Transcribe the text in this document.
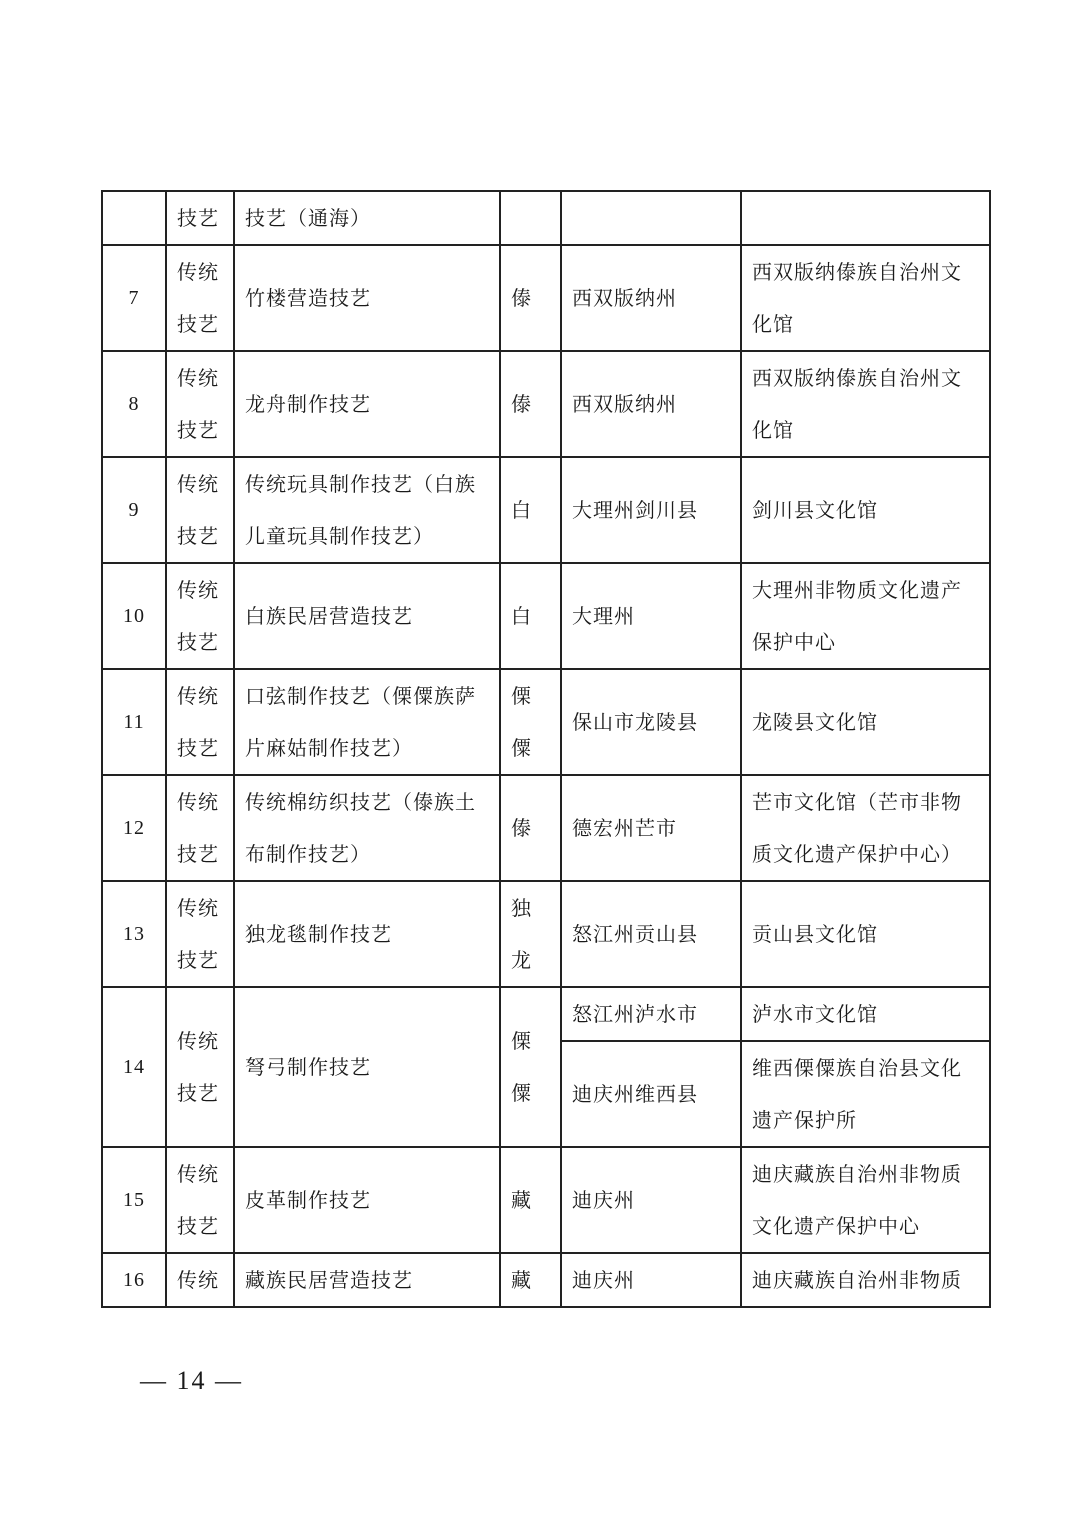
	技艺	技艺（通海）			
7	传统技艺	竹楼营造技艺	傣	西双版纳州	西双版纳傣族自治州文化馆
8	传统技艺	龙舟制作技艺	傣	西双版纳州	西双版纳傣族自治州文化馆
9	传统技艺	传统玩具制作技艺（白族儿童玩具制作技艺）	白	大理州剑川县	剑川县文化馆
10	传统技艺	白族民居营造技艺	白	大理州	大理州非物质文化遗产保护中心
11	传统技艺	口弦制作技艺（傈僳族萨片麻姑制作技艺）	傈僳	保山市龙陵县	龙陵县文化馆
12	传统技艺	传统棉纺织技艺（傣族土布制作技艺）	傣	德宏州芒市	芒市文化馆（芒市非物质文化遗产保护中心）
13	传统技艺	独龙毯制作技艺	独龙	怒江州贡山县	贡山县文化馆
14	传统技艺	弩弓制作技艺	傈僳	怒江州泸水市	泸水市文化馆
				迪庆州维西县	维西傈僳族自治县文化遗产保护所
15	传统技艺	皮革制作技艺	藏	迪庆州	迪庆藏族自治州非物质文化遗产保护中心
16	传统	藏族民居营造技艺	藏	迪庆州	迪庆藏族自治州非物质
— 14 —
